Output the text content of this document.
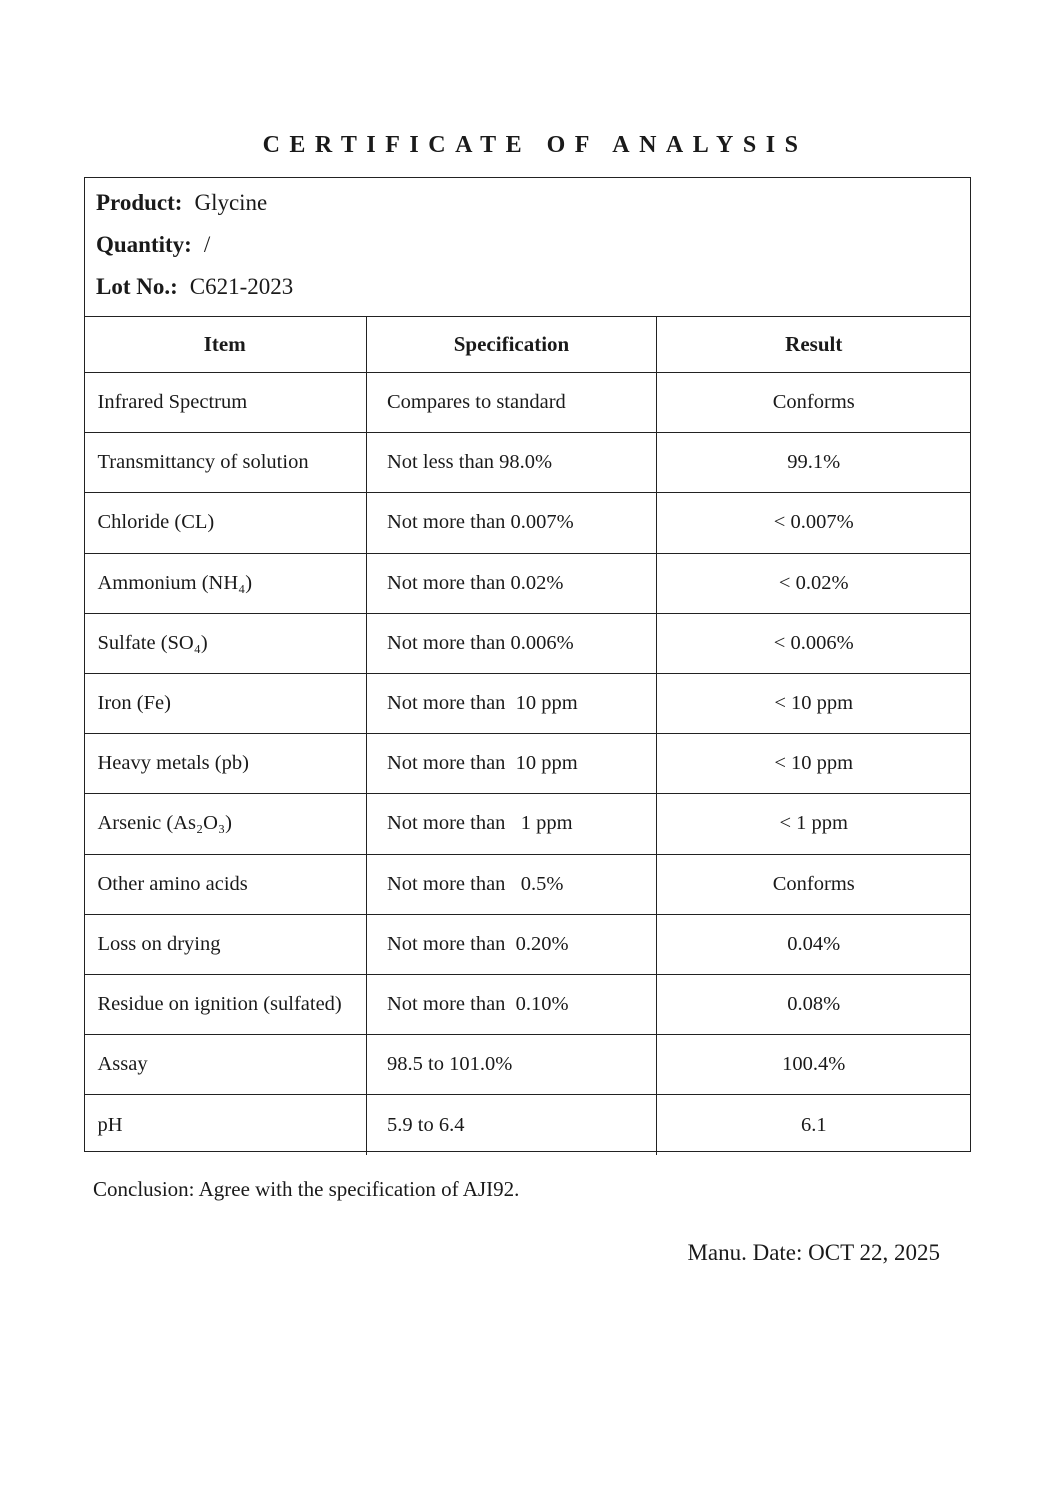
CERTIFICATE OF ANALYSIS
Product: Glycine
Quantity: /
Lot No.: C621-2023
Item	Specification	Result
Infrared Spectrum	Compares to standard	Conforms
Transmittancy of solution	Not less than 98.0%	99.1%
Chloride (CL)	Not more than 0.007%	< 0.007%
Ammonium (NH₄)	Not more than 0.02%	< 0.02%
Sulfate (SO₄)	Not more than 0.006%	< 0.006%
Iron (Fe)	Not more than  10 ppm	< 10 ppm
Heavy metals (pb)	Not more than  10 ppm	< 10 ppm
Arsenic (As₂O₃)	Not more than   1 ppm	< 1 ppm
Other amino acids	Not more than   0.5%	Conforms
Loss on drying	Not more than  0.20%	0.04%
Residue on ignition (sulfated)	Not more than  0.10%	0.08%
Assay	98.5 to 101.0%	100.4%
pH	5.9 to 6.4	6.1
Conclusion: Agree with the specification of AJI92.
Manu. Date: OCT 22, 2025
